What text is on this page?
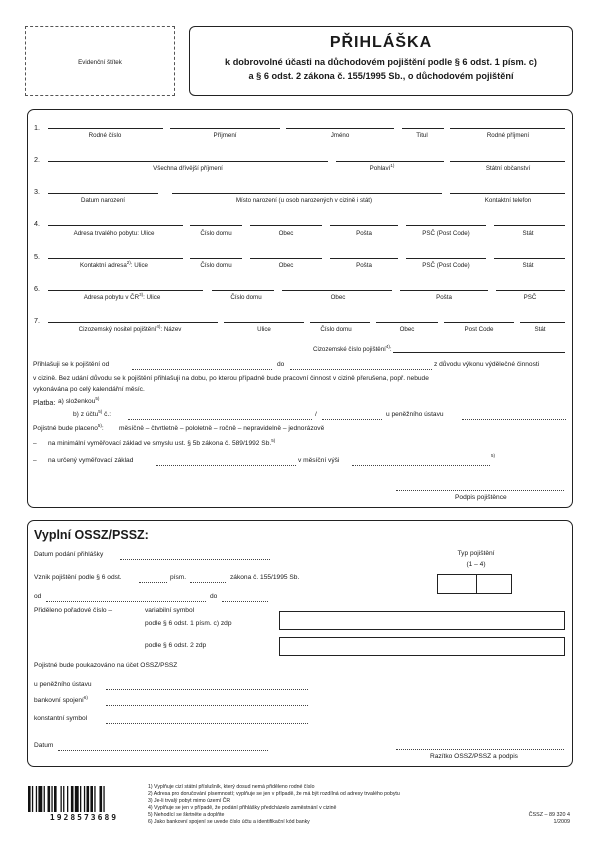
Evidenční štítek
PŘIHLÁŠKA
k dobrovolné účasti na důchodovém pojištění podle § 6 odst. 1 písm. c)
a § 6 odst. 2 zákona č. 155/1995 Sb., o důchodovém pojištění
1.
Rodné číslo	Příjmení	Jméno	Titul	Rodné příjmení
2.
Všechna dřívější příjmení	Pohlaví$^{1)}$	Státní občanství
3.
Datum narození	Místo narození (u osob narozených v cizině i stát)	Kontaktní telefon
4.
Adresa trvalého pobytu: Ulice	Číslo domu	Obec	Pošta	PSČ (Post Code)	Stát
5.
Kontaktní adresa$^{2)}$: Ulice	Číslo domu	Obec	Pošta	PSČ (Post Code)	Stát
6.
Adresa pobytu v ČR$^{3)}$: Ulice	Číslo domu	Obec	Pošta	PSČ
7.
Cizozemský nositel pojištění$^{4)}$: Název	Ulice	Číslo domu	Obec	Post Code	Stát
Cizozemské číslo pojištění$^{4)}$:
Přihlašuji se k pojištění od	do	z důvodu výkonu výdělečné činnosti
v cizině. Bez udání důvodu se k pojištění přihlašuji na dobu, po kterou případně bude pracovní činnost v cizině přerušena, popř. nebude
vykonávána po celý kalendářní měsíc.
Platba: a) složenkou$^{5)}$
b) z účtu$^{5)}$ č.:	/	u peněžního ústavu
Pojistné bude placeno$^{5)}$: měsíčně – čtvrtletně – pololetně – ročně – nepravidelně – jednorázově
– na minimální vyměřovací základ ve smyslu ust. § 5b zákona č. 589/1992 Sb.$^{5)}$
– na určený vyměřovací základ	v měsíční výši
$^{5)}$
Podpis pojištěnce
Vyplní OSSZ/PSSZ:
Datum podání přihlášky	Typ pojištění
(1 – 4)
Vznik pojištění podle § 6 odst.	písm.	zákona č. 155/1995 Sb.
od	do
Přiděleno pořadové číslo –	variabilní symbol
podle § 6 odst. 1 písm. c) zdp
podle § 6 odst. 2 zdp
Pojistné bude poukazováno na účet OSSZ/PSSZ
u peněžního ústavu
bankovní spojení$^{6)}$
konstantní symbol
Datum
Razítko OSSZ/PSSZ a podpis
1928573689
1) Vyplňuje cizí státní příslušník, který dosud nemá přiděleno rodné číslo
2) Adresa pro doručování písemností; vyplňuje se jen v případě, že má být rozdílná od adresy trvalého pobytu
3) Je-li trvalý pobyt mimo území ČR
4) Vyplňuje se jen v případě, že podání přihlášky předcházelo zaměstnání v cizině
5) Nehodící se škrtněte a doplňte
6) Jako bankovní spojení se uvede číslo účtu a identifikační kód banky
ČSSZ – 89 320 4
1/2009
